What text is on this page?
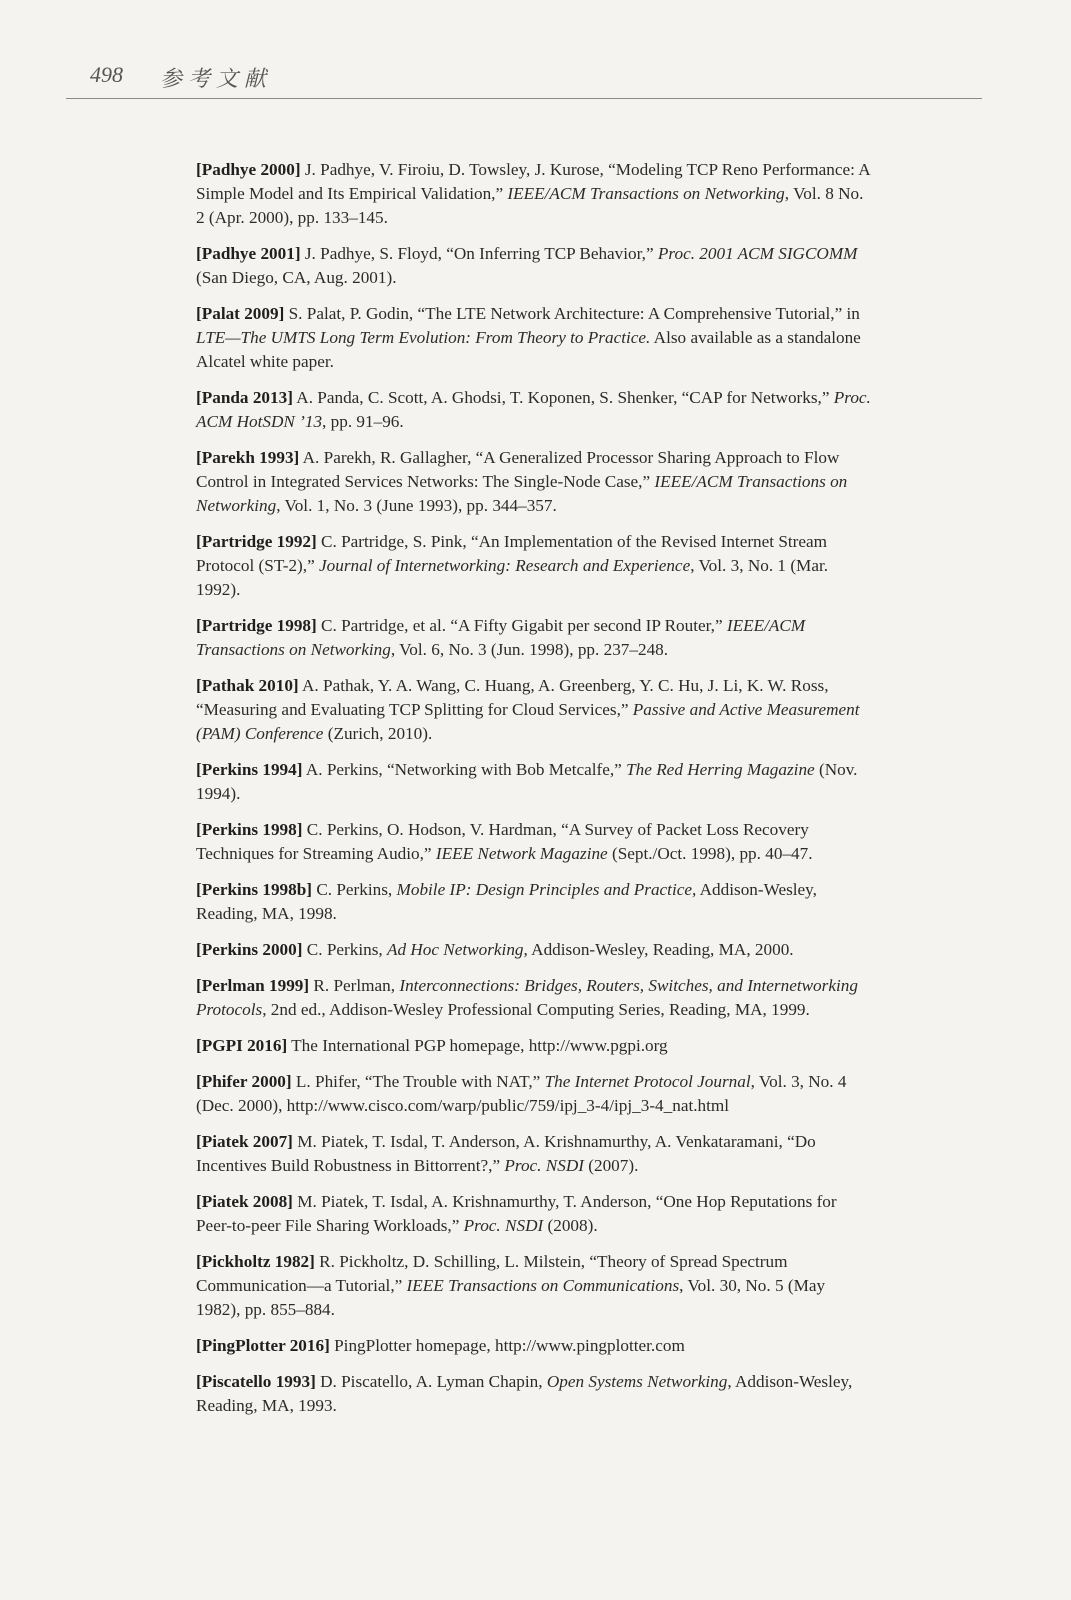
498 参考文献

[Padhye 2000] J. Padhye, V. Firoiu, D. Towsley, J. Kurose, “Modeling TCP Reno Performance: A Simple Model and Its Empirical Validation,” IEEE/ACM Transactions on Networking, Vol. 8 No. 2 (Apr. 2000), pp. 133–145.

[Padhye 2001] J. Padhye, S. Floyd, “On Inferring TCP Behavior,” Proc. 2001 ACM SIGCOMM (San Diego, CA, Aug. 2001).

[Palat 2009] S. Palat, P. Godin, “The LTE Network Architecture: A Comprehensive Tutorial,” in LTE—The UMTS Long Term Evolution: From Theory to Practice. Also available as a standalone Alcatel white paper.

[Panda 2013] A. Panda, C. Scott, A. Ghodsi, T. Koponen, S. Shenker, “CAP for Networks,” Proc. ACM HotSDN ’13, pp. 91–96.

[Parekh 1993] A. Parekh, R. Gallagher, “A Generalized Processor Sharing Approach to Flow Control in Integrated Services Networks: The Single-Node Case,” IEEE/ACM Transactions on Networking, Vol. 1, No. 3 (June 1993), pp. 344–357.

[Partridge 1992] C. Partridge, S. Pink, “An Implementation of the Revised Internet Stream Protocol (ST-2),” Journal of Internetworking: Research and Experience, Vol. 3, No. 1 (Mar. 1992).

[Partridge 1998] C. Partridge, et al. “A Fifty Gigabit per second IP Router,” IEEE/ACM Transactions on Networking, Vol. 6, No. 3 (Jun. 1998), pp. 237–248.

[Pathak 2010] A. Pathak, Y. A. Wang, C. Huang, A. Greenberg, Y. C. Hu, J. Li, K. W. Ross, “Measuring and Evaluating TCP Splitting for Cloud Services,” Passive and Active Measurement (PAM) Conference (Zurich, 2010).

[Perkins 1994] A. Perkins, “Networking with Bob Metcalfe,” The Red Herring Magazine (Nov. 1994).

[Perkins 1998] C. Perkins, O. Hodson, V. Hardman, “A Survey of Packet Loss Recovery Techniques for Streaming Audio,” IEEE Network Magazine (Sept./Oct. 1998), pp. 40–47.

[Perkins 1998b] C. Perkins, Mobile IP: Design Principles and Practice, Addison-Wesley, Reading, MA, 1998.

[Perkins 2000] C. Perkins, Ad Hoc Networking, Addison-Wesley, Reading, MA, 2000.

[Perlman 1999] R. Perlman, Interconnections: Bridges, Routers, Switches, and Internetworking Protocols, 2nd ed., Addison-Wesley Professional Computing Series, Reading, MA, 1999.

[PGPI 2016] The International PGP homepage, http://www.pgpi.org

[Phifer 2000] L. Phifer, “The Trouble with NAT,” The Internet Protocol Journal, Vol. 3, No. 4 (Dec. 2000), http://www.cisco.com/warp/public/759/ipj_3-4/ipj_3-4_nat.html

[Piatek 2007] M. Piatek, T. Isdal, T. Anderson, A. Krishnamurthy, A. Venkataramani, “Do Incentives Build Robustness in Bittorrent?,” Proc. NSDI (2007).

[Piatek 2008] M. Piatek, T. Isdal, A. Krishnamurthy, T. Anderson, “One Hop Reputations for Peer-to-peer File Sharing Workloads,” Proc. NSDI (2008).

[Pickholtz 1982] R. Pickholtz, D. Schilling, L. Milstein, “Theory of Spread Spectrum Communication—a Tutorial,” IEEE Transactions on Communications, Vol. 30, No. 5 (May 1982), pp. 855–884.

[PingPlotter 2016] PingPlotter homepage, http://www.pingplotter.com

[Piscatello 1993] D. Piscatello, A. Lyman Chapin, Open Systems Networking, Addison-Wesley, Reading, MA, 1993.
